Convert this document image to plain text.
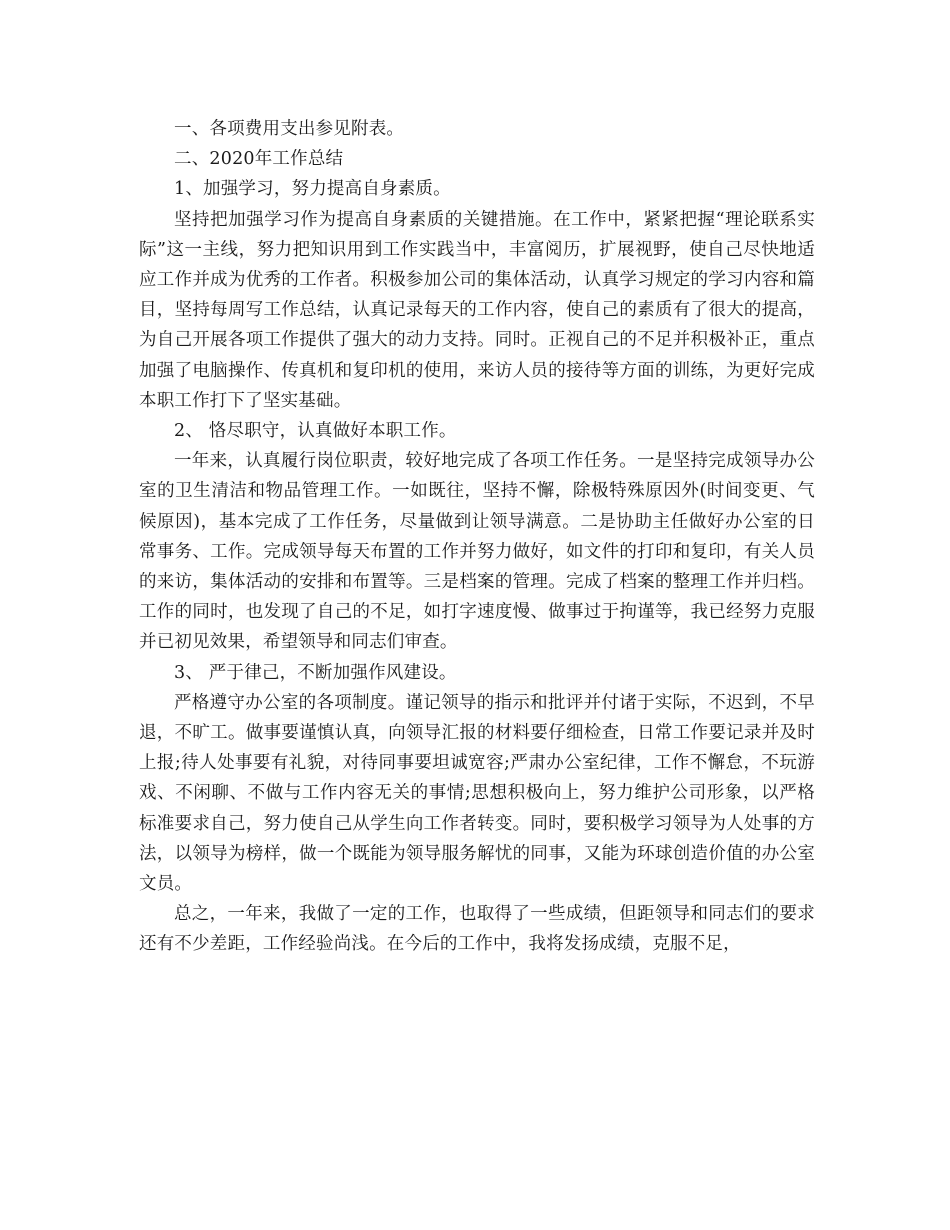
一、各项费用支出参见附表。

二、2020年工作总结

1、加强学习，努力提高自身素质。

坚持把加强学习作为提高自身素质的关键措施。在工作中，紧紧把握“理论联系实际”这一主线，努力把知识用到工作实践当中，丰富阅历，扩展视野，使自己尽快地适应工作并成为优秀的工作者。积极参加公司的集体活动，认真学习规定的学习内容和篇目，坚持每周写工作总结，认真记录每天的工作内容，使自己的素质有了很大的提高，为自己开展各项工作提供了强大的动力支持。同时。正视自己的不足并积极补正，重点加强了电脑操作、传真机和复印机的使用，来访人员的接待等方面的训练，为更好完成本职工作打下了坚实基础。

2、 恪尽职守，认真做好本职工作。

一年来，认真履行岗位职责，较好地完成了各项工作任务。一是坚持完成领导办公室的卫生清洁和物品管理工作。一如既往，坚持不懈，除极特殊原因外(时间变更、气候原因)，基本完成了工作任务，尽量做到让领导满意。二是协助主任做好办公室的日常事务、工作。完成领导每天布置的工作并努力做好，如文件的打印和复印，有关人员的来访，集体活动的安排和布置等。三是档案的管理。完成了档案的整理工作并归档。工作的同时，也发现了自己的不足，如打字速度慢、做事过于拘谨等，我已经努力克服并已初见效果，希望领导和同志们审查。

3、 严于律己，不断加强作风建设。

严格遵守办公室的各项制度。谨记领导的指示和批评并付诸于实际，不迟到，不早退，不旷工。做事要谨慎认真，向领导汇报的材料要仔细检查，日常工作要记录并及时上报;待人处事要有礼貌，对待同事要坦诚宽容;严肃办公室纪律，工作不懈怠，不玩游戏、不闲聊、不做与工作内容无关的事情;思想积极向上，努力维护公司形象，以严格标准要求自己，努力使自己从学生向工作者转变。同时，要积极学习领导为人处事的方法，以领导为榜样，做一个既能为领导服务解忧的同事，又能为环球创造价值的办公室文员。

总之，一年来，我做了一定的工作，也取得了一些成绩，但距领导和同志们的要求还有不少差距，工作经验尚浅。在今后的工作中，我将发扬成绩，克服不足，
